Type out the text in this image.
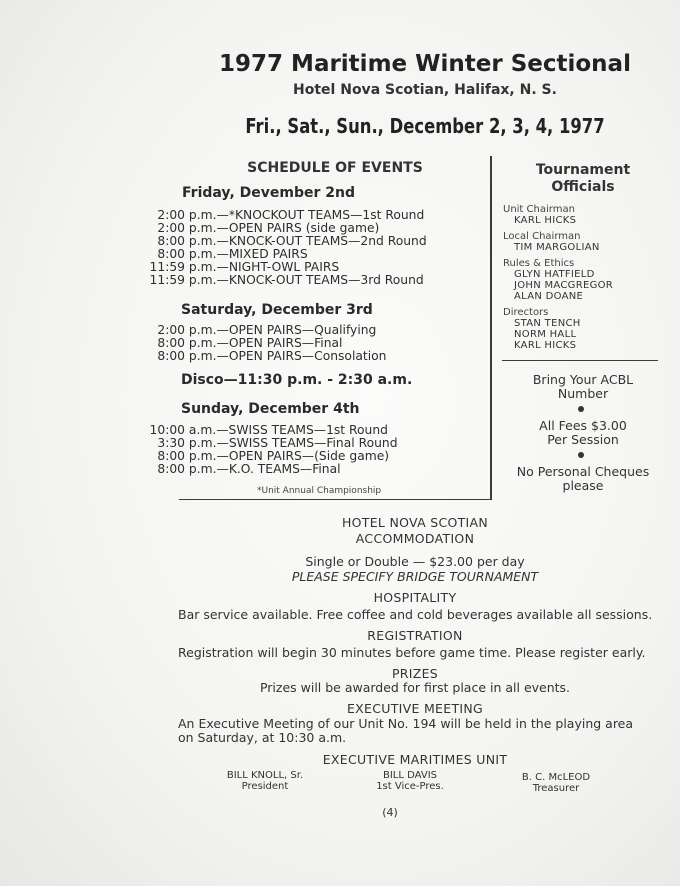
1977 Maritime Winter Sectional
Hotel Nova Scotian, Halifax, N. S.
Fri., Sat., Sun., December 2, 3, 4, 1977
SCHEDULE OF EVENTS
Friday, Devember 2nd
2:00 p.m.—*KNOCKOUT TEAMS—1st Round
2:00 p.m.—OPEN PAIRS (side game)
8:00 p.m.—KNOCK-OUT TEAMS—2nd Round
8:00 p.m.—MIXED PAIRS
11:59 p.m.—NIGHT-OWL PAIRS
11:59 p.m.—KNOCK-OUT TEAMS—3rd Round
Saturday, December 3rd
2:00 p.m.—OPEN PAIRS—Qualifying
8:00 p.m.—OPEN PAIRS—Final
8:00 p.m.—OPEN PAIRS—Consolation
Disco—11:30 p.m. - 2:30 a.m.
Sunday, December 4th
10:00 a.m.—SWISS TEAMS—1st Round
3:30 p.m.—SWISS TEAMS—Final Round
8:00 p.m.—OPEN PAIRS—(Side game)
8:00 p.m.—K.O. TEAMS—Final
*Unit Annual Championship
Tournament
Officials
Unit Chairman
KARL HICKS
Local Chairman
TIM MARGOLIAN
Rules & Ethics
GLYN HATFIELD
JOHN MACGREGOR
ALAN DOANE
Directors
STAN TENCH
NORM HALL
KARL HICKS
Bring Your ACBL
Number
All Fees $3.00
Per Session
No Personal Cheques
please
HOTEL NOVA SCOTIAN
ACCOMMODATION
Single or Double — $23.00 per day
PLEASE SPECIFY BRIDGE TOURNAMENT
HOSPITALITY
Bar service available. Free coffee and cold beverages available all sessions.
REGISTRATION
Registration will begin 30 minutes before game time. Please register early.
PRIZES
Prizes will be awarded for first place in all events.
EXECUTIVE MEETING
An Executive Meeting of our Unit No. 194 will be held in the playing area
on Saturday, at 10:30 a.m.
EXECUTIVE MARITIMES UNIT
BILL KNOLL, Sr.
President
BILL DAVIS
1st Vice-Pres.
B. C. McLEOD
Treasurer
(4)
